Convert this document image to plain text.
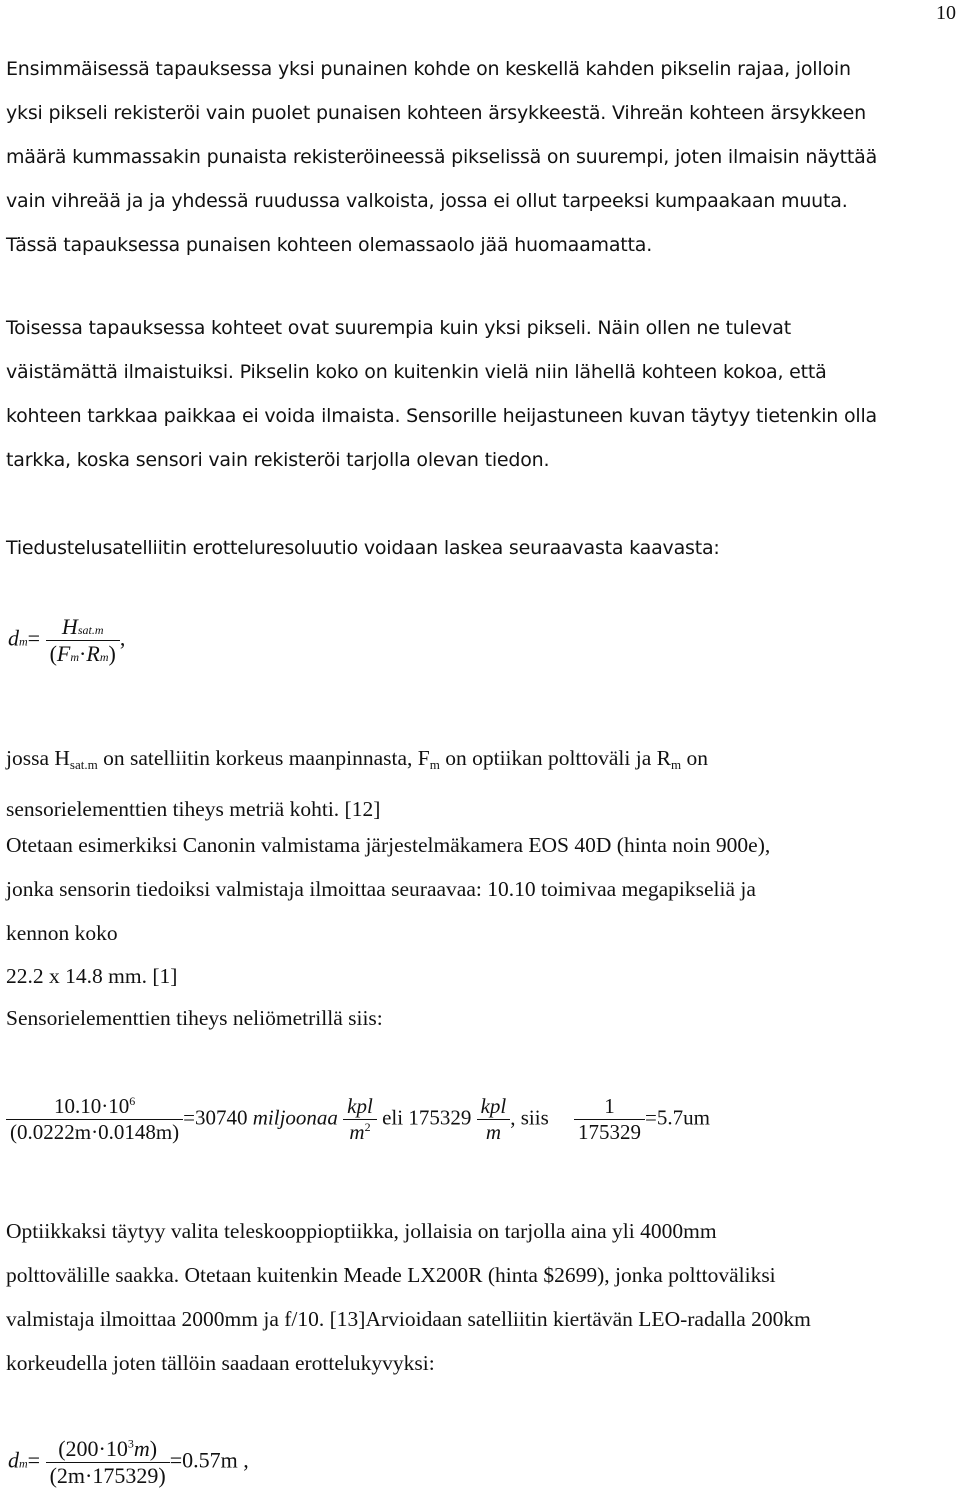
10
Ensimmäisessä tapauksessa yksi punainen kohde on keskellä kahden pikselin rajaa, jolloin
yksi pikseli rekisteröi vain puolet punaisen kohteen ärsykkeestä. Vihreän kohteen ärsykkeen
määrä kummassakin punaista rekisteröineessä pikselissä on suurempi, joten ilmaisin näyttää
vain vihreää ja ja yhdessä ruudussa valkoista, jossa ei ollut tarpeeksi kumpaakaan muuta.
Tässä tapauksessa punaisen kohteen olemassaolo jää huomaamatta.
Toisessa tapauksessa kohteet ovat suurempia kuin yksi pikseli. Näin ollen ne tulevat
väistämättä ilmaistuiksi. Pikselin koko on kuitenkin vielä niin lähellä kohteen kokoa, että
kohteen tarkkaa paikkaa ei voida ilmaista. Sensorille heijastuneen kuvan täytyy tietenkin olla
tarkka, koska sensori vain rekisteröi tarjolla olevan tiedon.
Tiedustelusatelliitin erotteluresoluutio voidaan laskea seuraavasta kaavasta:
$dm= \frac{\text{Hsat.m}}{(Fm\cdot Rm)}$ ,
jossa Hsat.m on satelliitin korkeus maanpinnasta, Fm on optiikan polttoväli ja Rm on
sensorielementtien tiheys metriä kohti. [12]
Otetaan esimerkiksi Canonin valmistama järjestelmäkamera EOS 40D (hinta noin 900e),
jonka sensorin tiedoiksi valmistaja ilmoittaa seuraavaa: 10.10 toimivaa megapikseliä ja
kennon koko
22.2 x 14.8 mm. [1]
Sensorielementtien tiheys neliömetrillä siis:
$\frac{10.10\cdot 10^6}{(0.0222m\cdot 0.0148m)} =30740$ miljoonaa $\frac{\text{kpl}}{m^2}$ eli $175329 \frac{\text{kpl}}{m}$ , siis $\frac{1}{175329} =5.7um$
Optiikkaksi täytyy valita teleskooppioptiikka, jollaisia on tarjolla aina yli 4000mm
polttovälille saakka. Otetaan kuitenkin Meade LX200R (hinta $2699), jonka polttoväliksi
valmistaja ilmoittaa 2000mm ja f/10. [13]Arvioidaan satelliitin kiertävän LEO-radalla 200km
korkeudella joten tällöin saadaan erottelukyvyksi:
$dm= \frac{(200\cdot 10^3m)}{(2m\cdot 175329)} =0.57m$ ,
